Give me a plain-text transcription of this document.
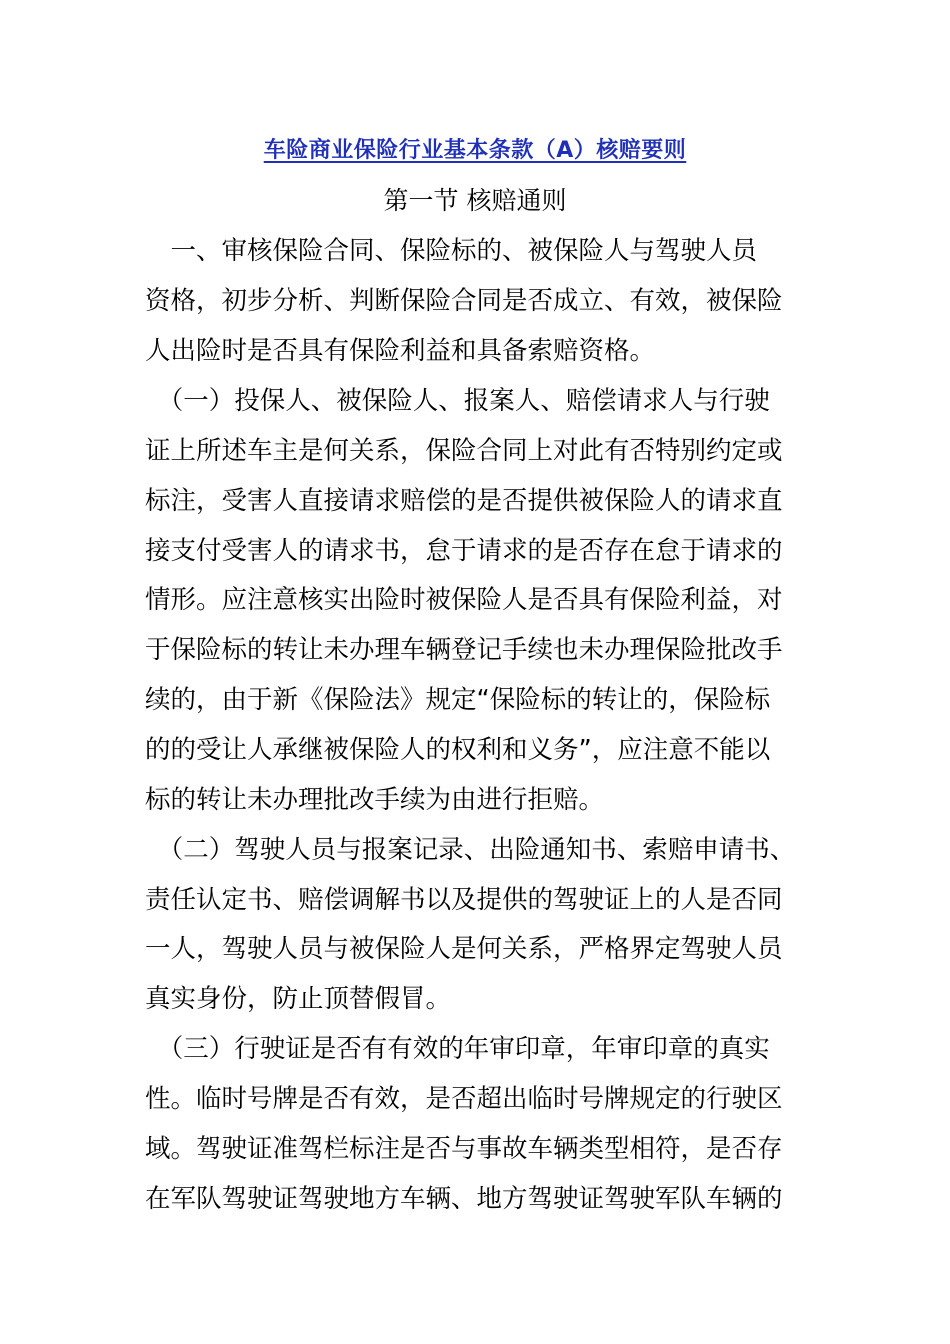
车险商业保险行业基本条款（A）核赔要则
第一节 核赔通则
　一、审核保险合同、保险标的、被保险人与驾驶人员
资格，初步分析、判断保险合同是否成立、有效，被保险
人出险时是否具有保险利益和具备索赔资格。
　（一）投保人、被保险人、报案人、赔偿请求人与行驶
证上所述车主是何关系，保险合同上对此有否特别约定或
标注，受害人直接请求赔偿的是否提供被保险人的请求直
接支付受害人的请求书，怠于请求的是否存在怠于请求的
情形。应注意核实出险时被保险人是否具有保险利益，对
于保险标的转让未办理车辆登记手续也未办理保险批改手
续的，由于新《保险法》规定“保险标的转让的，保险标
的的受让人承继被保险人的权利和义务”，应注意不能以
标的转让未办理批改手续为由进行拒赔。
　（二）驾驶人员与报案记录、出险通知书、索赔申请书、
责任认定书、赔偿调解书以及提供的驾驶证上的人是否同
一人，驾驶人员与被保险人是何关系，严格界定驾驶人员
真实身份，防止顶替假冒。
　（三）行驶证是否有有效的年审印章，年审印章的真实
性。临时号牌是否有效，是否超出临时号牌规定的行驶区
域。驾驶证准驾栏标注是否与事故车辆类型相符，是否存
在军队驾驶证驾驶地方车辆、地方驾驶证驾驶军队车辆的
